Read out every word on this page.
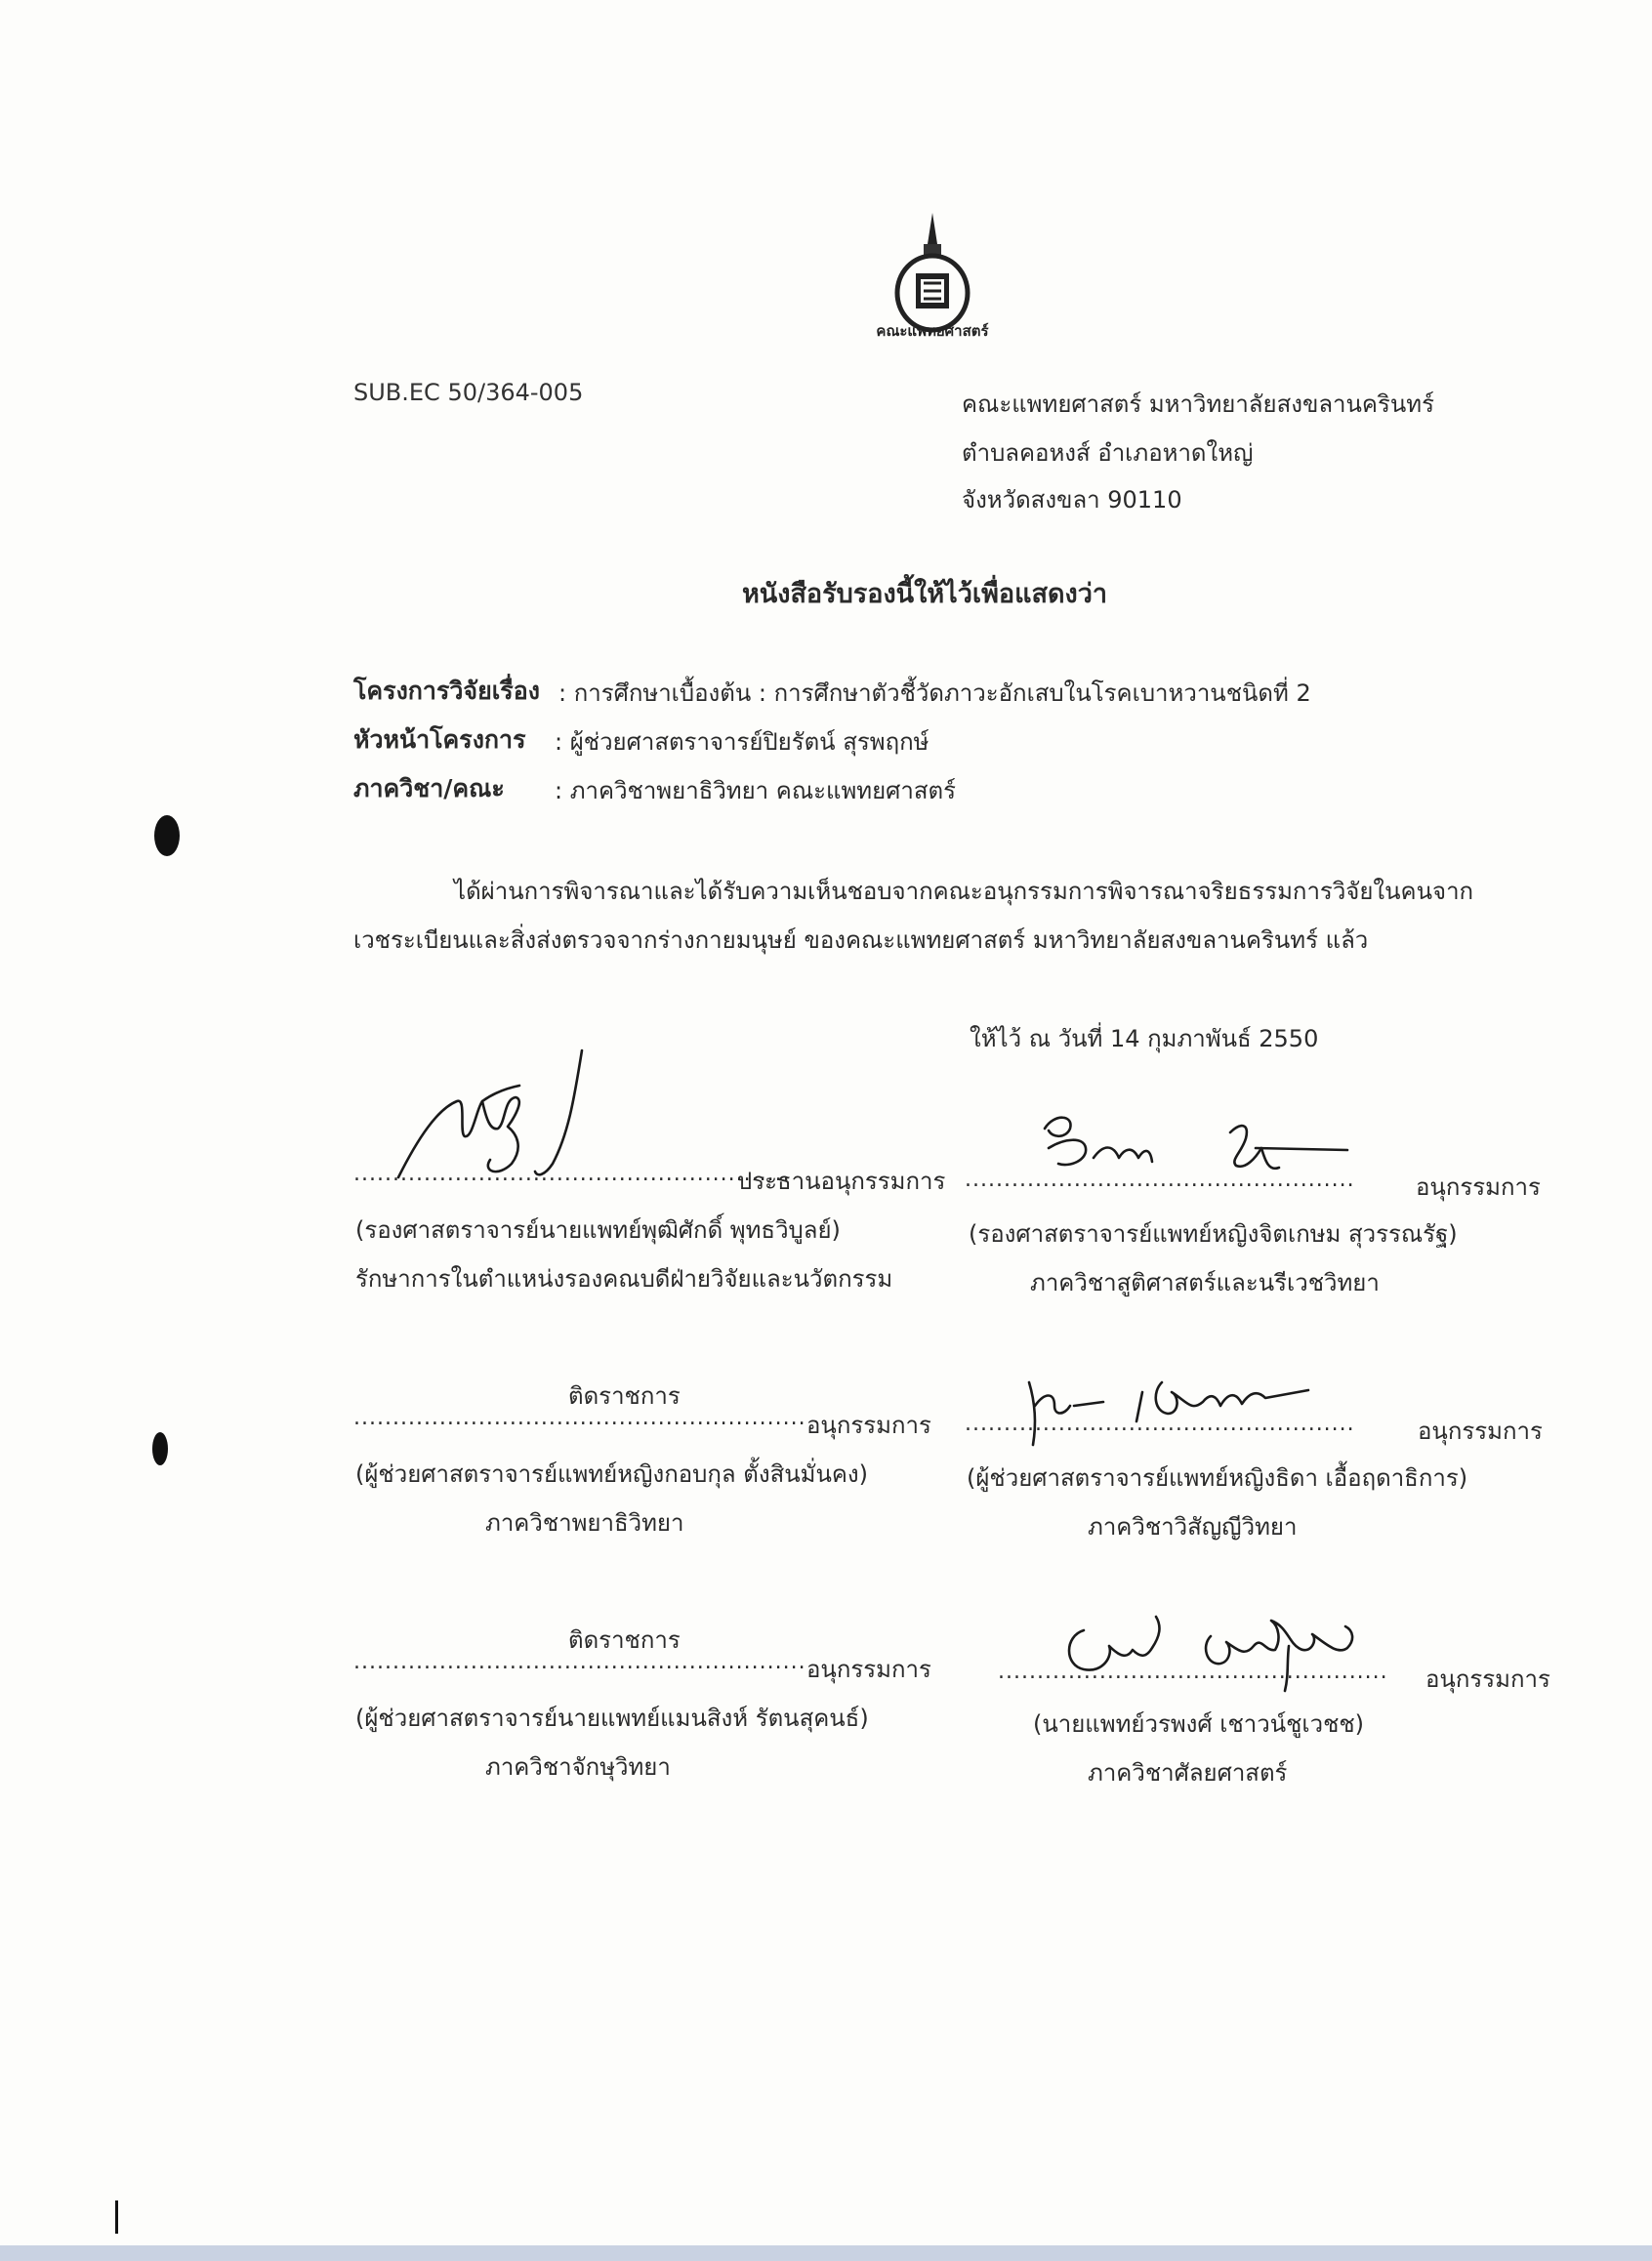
คณะแพทยศาสตร์
SUB.EC 50/364-005	คณะแพทยศาสตร์ มหาวิทยาลัยสงขลานครินทร์
ตำบลคอหงส์ อำเภอหาดใหญ่
จังหวัดสงขลา 90110
หนังสือรับรองนี้ให้ไว้เพื่อแสดงว่า
โครงการวิจัยเรื่อง : การศึกษาเบื้องต้น : การศึกษาตัวชี้วัดภาวะอักเสบในโรคเบาหวานชนิดที่ 2
หัวหน้าโครงการ : ผู้ช่วยศาสตราจารย์ปิยรัตน์ สุรพฤกษ์
ภาควิชา/คณะ : ภาควิชาพยาธิวิทยา คณะแพทยศาสตร์
ได้ผ่านการพิจารณาและได้รับความเห็นชอบจากคณะอนุกรรมการพิจารณาจริยธรรมการวิจัยในคนจาก
เวชระเบียนและสิ่งส่งตรวจจากร่างกายมนุษย์ ของคณะแพทยศาสตร์ มหาวิทยาลัยสงขลานครินทร์ แล้ว
ให้ไว้ ณ วันที่ 14 กุมภาพันธ์ 2550
........................................................
ประธานอนุกรรมการ
(รองศาสตราจารย์นายแพทย์พุฒิศักดิ์ พุทธวิบูลย์)
รักษาการในตำแหน่งรองคณบดีฝ่ายวิจัยและนวัตกรรม
..................................................	อนุกรรมการ
(รองศาสตราจารย์แพทย์หญิงจิตเกษม สุวรรณรัฐ)
ภาควิชาสูติศาสตร์และนรีเวชวิทยา
ติดราชการ
.......................................................... อนุกรรมการ
(ผู้ช่วยศาสตราจารย์แพทย์หญิงกอบกุล ตั้งสินมั่นคง)
ภาควิชาพยาธิวิทยา
..................................................	อนุกรรมการ
(ผู้ช่วยศาสตราจารย์แพทย์หญิงธิดา เอื้อฤดาธิการ)
ภาควิชาวิสัญญีวิทยา
ติดราชการ
.......................................................... อนุกรรมการ
(ผู้ช่วยศาสตราจารย์นายแพทย์แมนสิงห์ รัตนสุคนธ์)
ภาควิชาจักษุวิทยา
.................................................. อนุกรรมการ
(นายแพทย์วรพงศ์ เชาวน์ชูเวชช)
ภาควิชาศัลยศาสตร์
